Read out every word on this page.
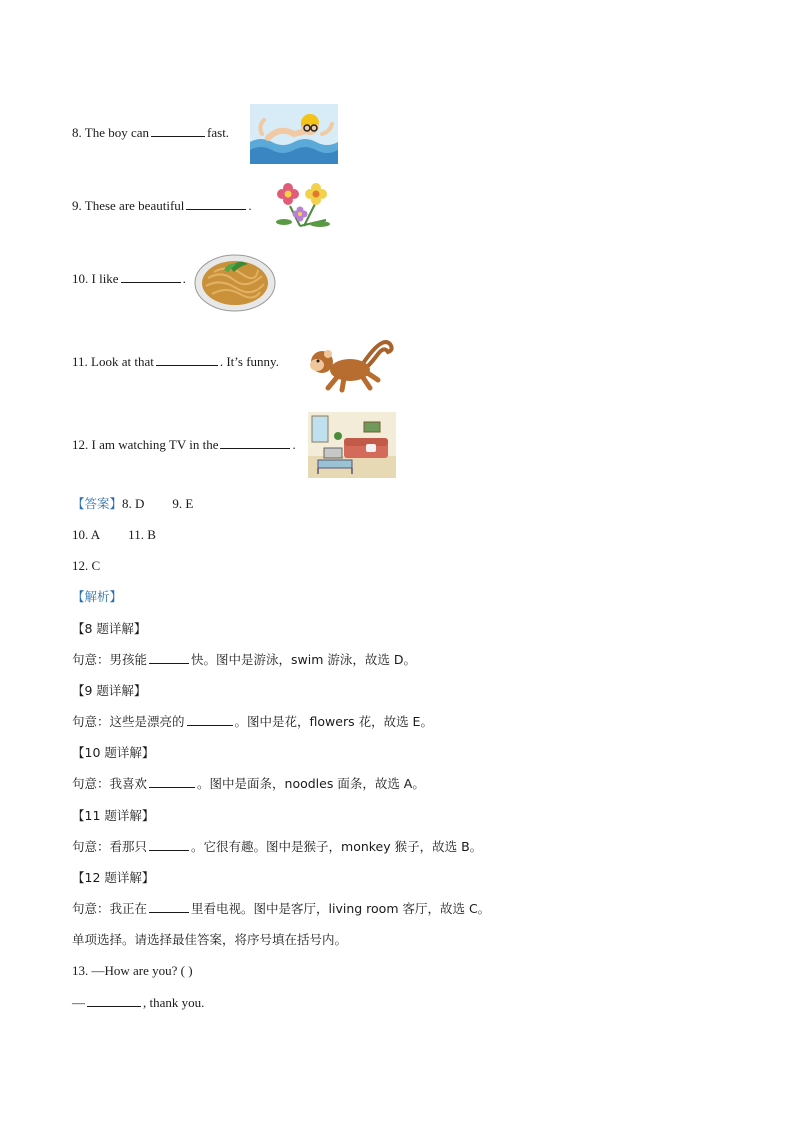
8. The boy can	fast.
9. These are beautiful	.
10. I like	.
11. Look at that	. It’s funny.
12. I am watching TV in the	.
【答案】8. D 9. E
10. A 11. B
12. C
【解析】
【8 题详解】
句意：男孩能	快。图中是游泳，swim 游泳，故选 D。
【9 题详解】
句意：这些是漂亮的	。图中是花，flowers 花，故选 E。
【10 题详解】
句意：我喜欢	。图中是面条，noodles 面条，故选 A。
【11 题详解】
句意：看那只	。它很有趣。图中是猴子，monkey 猴子，故选 B。
【12 题详解】
句意：我正在	里看电视。图中是客厅，living room 客厅，故选 C。
单项选择。请选择最佳答案，将序号填在括号内。
13. —How are you? ( )
—	, thank you.
